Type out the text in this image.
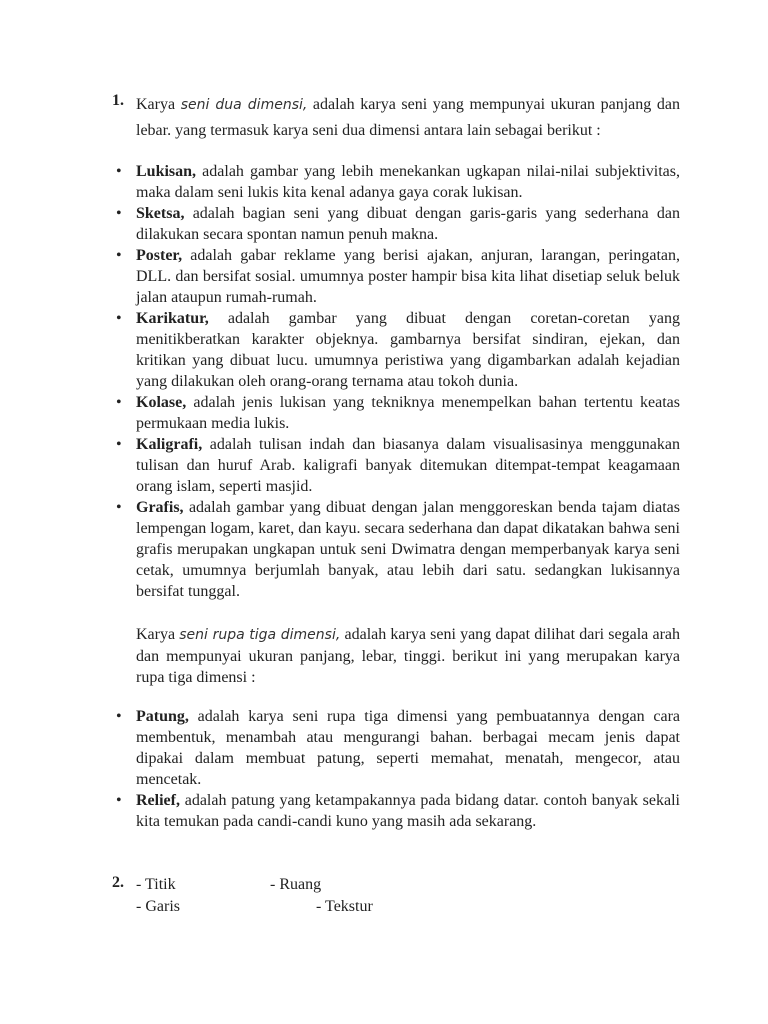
1. Karya seni dua dimensi, adalah karya seni yang mempunyai ukuran panjang dan lebar. yang termasuk karya seni dua dimensi antara lain sebagai berikut :
• Lukisan, adalah gambar yang lebih menekankan ugkapan nilai-nilai subjektivitas, maka dalam seni lukis kita kenal adanya gaya corak lukisan.
• Sketsa, adalah bagian seni yang dibuat dengan garis-garis yang sederhana dan dilakukan secara spontan namun penuh makna.
• Poster, adalah gabar reklame yang berisi ajakan, anjuran, larangan, peringatan, DLL. dan bersifat sosial. umumnya poster hampir bisa kita lihat disetiap seluk beluk jalan ataupun rumah-rumah.
• Karikatur, adalah gambar yang dibuat dengan coretan-coretan yang menitikberatkan karakter objeknya. gambarnya bersifat sindiran, ejekan, dan kritikan yang dibuat lucu. umumnya peristiwa yang digambarkan adalah kejadian yang dilakukan oleh orang-orang ternama atau tokoh dunia.
• Kolase, adalah jenis lukisan yang tekniknya menempelkan bahan tertentu keatas permukaan media lukis.
• Kaligrafi, adalah tulisan indah dan biasanya dalam visualisasinya menggunakan tulisan dan huruf Arab. kaligrafi banyak ditemukan ditempat-tempat keagamaan orang islam, seperti masjid.
• Grafis, adalah gambar yang dibuat dengan jalan menggoreskan benda tajam diatas lempengan logam, karet, dan kayu. secara sederhana dan dapat dikatakan bahwa seni grafis merupakan ungkapan untuk seni Dwimatra dengan memperbanyak karya seni cetak, umumnya berjumlah banyak, atau lebih dari satu. sedangkan lukisannya bersifat tunggal.
Karya seni rupa tiga dimensi, adalah karya seni yang dapat dilihat dari segala arah dan mempunyai ukuran panjang, lebar, tinggi. berikut ini yang merupakan karya rupa tiga dimensi :
• Patung, adalah karya seni rupa tiga dimensi yang pembuatannya dengan cara membentuk, menambah atau mengurangi bahan. berbagai mecam jenis dapat dipakai dalam membuat patung, seperti memahat, menatah, mengecor, atau mencetak.
• Relief, adalah patung yang ketampakannya pada bidang datar. contoh banyak sekali kita temukan pada candi-candi kuno yang masih ada sekarang.
2. - Titik	- Ruang
- Garis	- Tekstur
